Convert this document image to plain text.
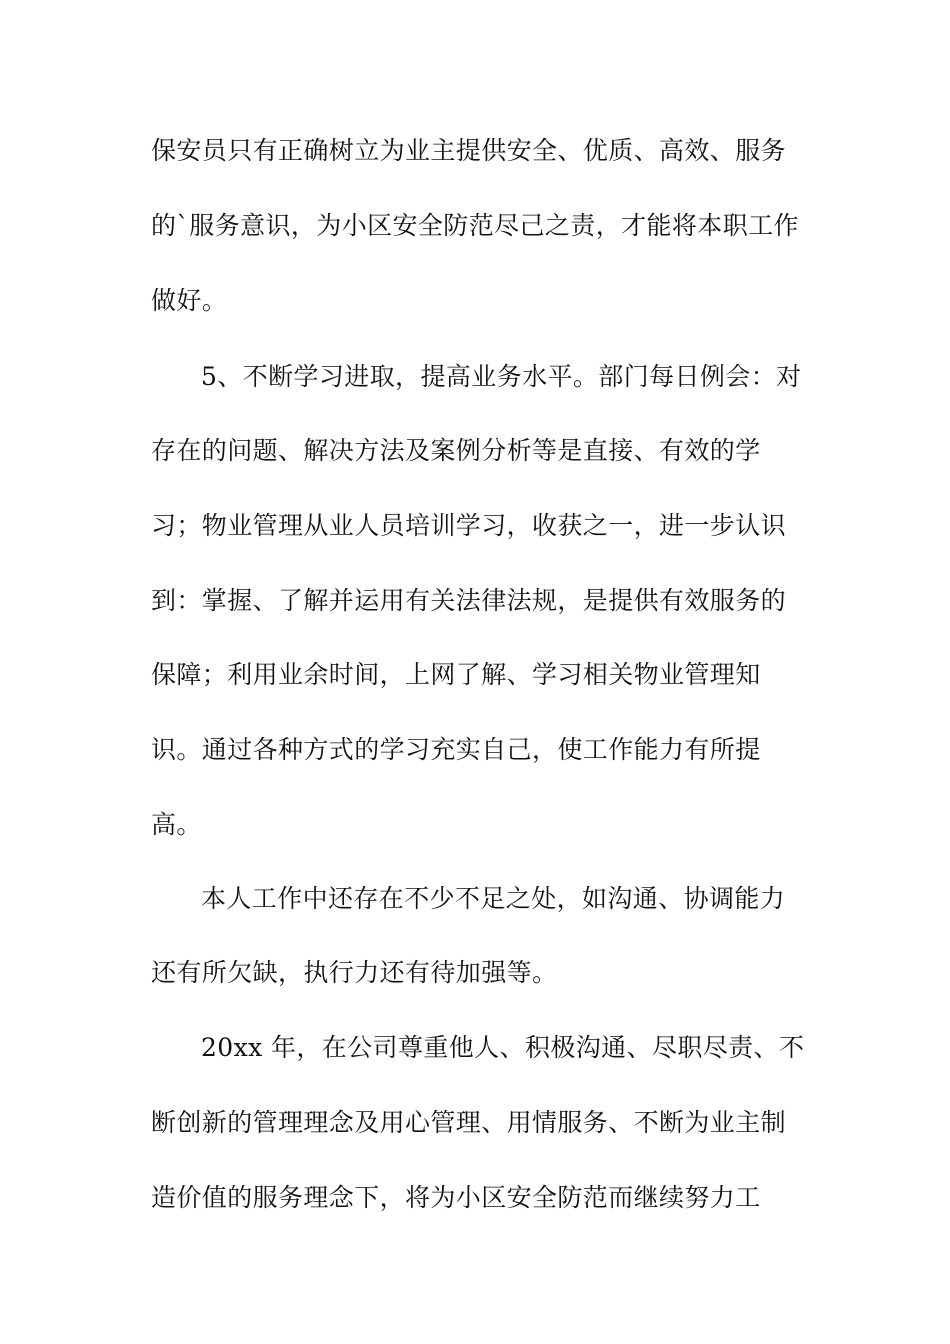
保安员只有正确树立为业主提供安全、优质、高效、服务
的`服务意识，为小区安全防范尽己之责，才能将本职工作
做好。
5、不断学习进取，提高业务水平。部门每日例会：对
存在的问题、解决方法及案例分析等是直接、有效的学
习；物业管理从业人员培训学习，收获之一，进一步认识
到：掌握、了解并运用有关法律法规，是提供有效服务的
保障；利用业余时间，上网了解、学习相关物业管理知
识。通过各种方式的学习充实自己，使工作能力有所提
高。
本人工作中还存在不少不足之处，如沟通、协调能力
还有所欠缺，执行力还有待加强等。
20xx 年，在公司尊重他人、积极沟通、尽职尽责、不
断创新的管理理念及用心管理、用情服务、不断为业主制
造价值的服务理念下，将为小区安全防范而继续努力工
